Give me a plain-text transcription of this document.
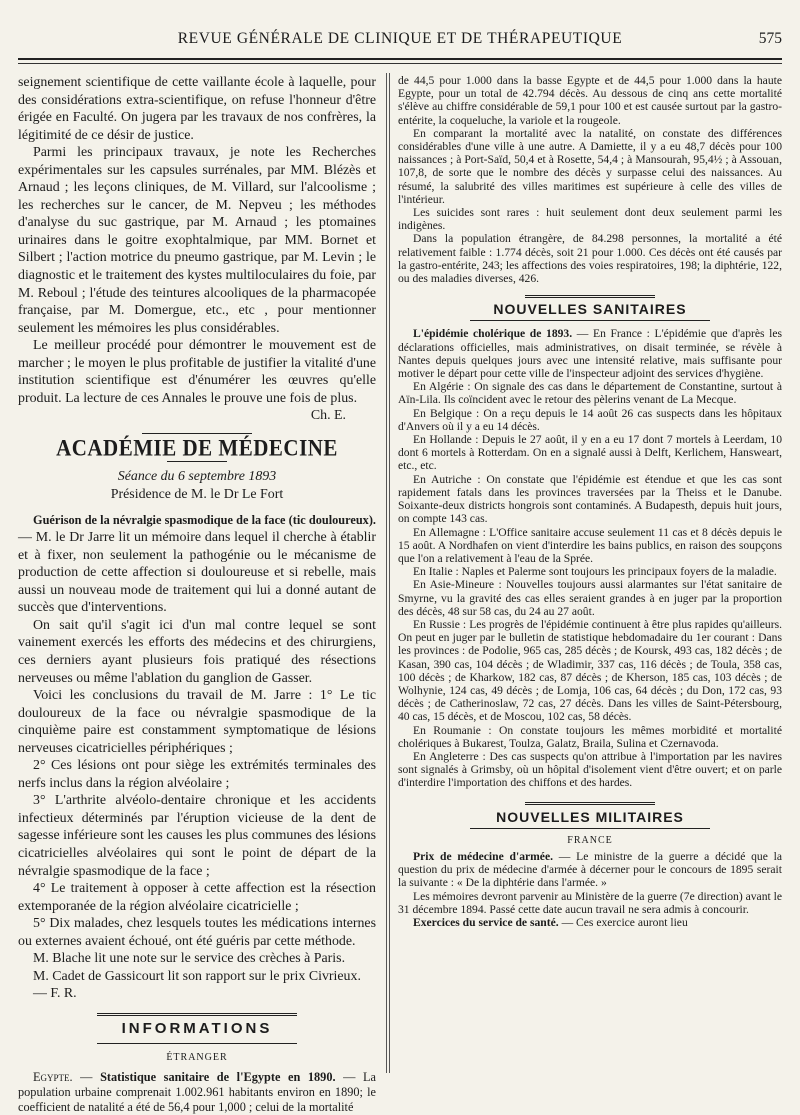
REVUE GÉNÉRALE DE CLINIQUE ET DE THÉRAPEUTIQUE	575

seignement scientifique de cette vaillante école à laquelle, pour des considérations extra-scientifique, on refuse l'honneur d'être érigée en Faculté. On jugera par les travaux de nos confrères, la légitimité de ce désir de justice.

Parmi les principaux travaux, je note les Recherches expérimentales sur les capsules surrénales, par MM. Blézès et Arnaud ; les leçons cliniques, de M. Villard, sur l'alcoolisme ; les recherches sur le cancer, de M. Nepveu ; les méthodes d'analyse du suc gastrique, par M. Arnaud ; les ptomaines urinaires dans le goitre exophtalmique, par MM. Bornet et Silbert ; l'action motrice du pneumo gastrique, par M. Levin ; le diagnostic et le traitement des kystes multiloculaires du foie, par M. Reboul ; l'étude des teintures alcooliques de la pharmacopée française, par M. Domergue, etc., etc , pour mentionner seulement les mémoires les plus considérables.

Le meilleur procédé pour démontrer le mouvement est de marcher ; le moyen le plus profitable de justifier la vitalité d'une institution scientifique est d'énumérer les œuvres qu'elle produit. La lecture de ces Annales le prouve une fois de plus.

Ch. E.

ACADÉMIE DE MÉDECINE

Séance du 6 septembre 1893

Présidence de M. le Dr Le Fort

Guérison de la névralgie spasmodique de la face (tic douloureux). — M. le Dr Jarre lit un mémoire dans lequel il cherche à établir et à fixer, non seulement la pathogénie ou le mécanisme de production de cette affection si douloureuse et si rebelle, mais aussi un nouveau mode de traitement qui lui a donné autant de succès que d'interventions.

On sait qu'il s'agit ici d'un mal contre lequel se sont vainement exercés les efforts des médecins et des chirurgiens, ces derniers ayant plusieurs fois pratiqué des résections nerveuses ou même l'ablation du ganglion de Gasser.

Voici les conclusions du travail de M. Jarre : 1° Le tic douloureux de la face ou névralgie spasmodique de la cinquième paire est constamment symptomatique de lésions nerveuses cicatricielles périphériques ;

2° Ces lésions ont pour siège les extrémités terminales des nerfs inclus dans la région alvéolaire ;

3° L'arthrite alvéolo-dentaire chronique et les accidents infectieux déterminés par l'éruption vicieuse de la dent de sagesse inférieure sont les causes les plus communes des lésions cicatricielles alvéolaires qui sont le point de départ de la névralgie spasmodique de la face ;

4° Le traitement à opposer à cette affection est la résection extemporanée de la région alvéolaire cicatricielle ;

5° Dix malades, chez lesquels toutes les médications internes ou externes avaient échoué, ont été guéris par cette méthode.

M. Blache lit une note sur le service des crèches à Paris.

M. Cadet de Gassicourt lit son rapport sur le prix Civrieux.

— F. R.

INFORMATIONS
ÉTRANGER

Egypte. — Statistique sanitaire de l'Egypte en 1890. — La population urbaine comprenait 1.002.961 habitants environ en 1890; le coefficient de natalité a été de 56,4 pour 1,000 ; celui de la mortalité

de 44,5 pour 1.000 dans la basse Egypte et de 44,5 pour 1.000 dans la haute Egypte, pour un total de 42.794 décès. Au dessous de cinq ans cette mortalité s'élève au chiffre considérable de 59,1 pour 100 et est causée surtout par la gastro-entérite, la coqueluche, la variole et la rougeole.

En comparant la mortalité avec la natalité, on constate des différences considérables d'une ville à une autre. A Damiette, il y a eu 48,7 décès pour 100 naissances ; à Port-Saïd, 50,4 et à Rosette, 54,4 ; à Mansourah, 95,4½ ; à Assouan, 107,8, de sorte que le nombre des décès y surpasse celui des naissances. Au résumé, la salubrité des villes maritimes est supérieure à celle des villes de l'intérieur.

Les suicides sont rares : huit seulement dont deux seulement parmi les indigènes.

Dans la population étrangère, de 84.298 personnes, la mortalité a été relativement faible : 1.774 décès, soit 21 pour 1.000. Ces décès ont été causés par la gastro-entérite, 243; les affections des voies respiratoires, 198; la diphtérie, 122, ou des maladies diverses, 426.

NOUVELLES SANITAIRES

L'épidémie cholérique de 1893. — En France : L'épidémie que d'après les déclarations officielles, mais administratives, on disait terminée, se révèle à Nantes depuis quelques jours avec une intensité relative, mais suffisante pour motiver le départ pour cette ville de l'inspecteur adjoint des services d'hygiène.

En Algérie : On signale des cas dans le département de Constantine, surtout à Aïn-Lila. Ils coïncident avec le retour des pèlerins venant de La Mecque.

En Belgique : On a reçu depuis le 14 août 26 cas suspects dans les hôpitaux d'Anvers où il y a eu 14 décès.

En Hollande : Depuis le 27 août, il y en a eu 17 dont 7 mortels à Leerdam, 10 dont 6 mortels à Rotterdam. On en a signalé aussi à Delft, Kerlichem, Hansweart, etc., etc.

En Autriche : On constate que l'épidémie est étendue et que les cas sont rapidement fatals dans les provinces traversées par la Theiss et le Danube. Soixante-deux districts hongrois sont contaminés. A Budapesth, depuis huit jours, on compte 143 cas.

En Allemagne : L'Office sanitaire accuse seulement 11 cas et 8 décès depuis le 15 août. A Nordhafen on vient d'interdire les bains publics, en raison des soupçons que l'on a relativement à l'eau de la Sprée.

En Italie : Naples et Palerme sont toujours les principaux foyers de la maladie.

En Asie-Mineure : Nouvelles toujours aussi alarmantes sur l'état sanitaire de Smyrne, vu la gravité des cas elles seraient grandes à en juger par la proportion des décès, 48 sur 58 cas, du 24 au 27 août.

En Russie : Les progrès de l'épidémie continuent à être plus rapides qu'ailleurs. On peut en juger par le bulletin de statistique hebdomadaire du 1er courant : Dans les provinces : de Podolie, 965 cas, 285 décès ; de Koursk, 493 cas, 182 décès ; de Kasan, 390 cas, 104 décès ; de Wladimir, 337 cas, 116 décès ; de Toula, 358 cas, 100 décès ; de Kharkow, 182 cas, 87 décès ; de Kherson, 185 cas, 103 décès ; de Wolhynie, 124 cas, 49 décès ; de Lomja, 106 cas, 64 décès ; du Don, 172 cas, 93 décès ; de Catherinoslaw, 72 cas, 27 décès. Dans les villes de Saint-Pétersbourg, 40 cas, 15 décès, et de Moscou, 102 cas, 58 décès.

En Roumanie : On constate toujours les mêmes morbidité et mortalité cholériques à Bukarest, Toulza, Galatz, Braila, Sulina et Czernavoda.

En Angleterre : Des cas suspects qu'on attribue à l'importation par les navires sont signalés à Grimsby, où un hôpital d'isolement vient d'être ouvert; et on parle d'interdire l'importation des chiffons et des hardes.

NOUVELLES MILITAIRES
FRANCE

Prix de médecine d'armée. — Le ministre de la guerre a décidé que la question du prix de médecine d'armée à décerner pour le concours de 1895 serait la suivante : « De la diphtérie dans l'armée. »

Les mémoires devront parvenir au Ministère de la guerre (7e direction) avant le 31 décembre 1894. Passé cette date aucun travail ne sera admis à concourir.

Exercices du service de santé. — Ces exercice auront lieu
